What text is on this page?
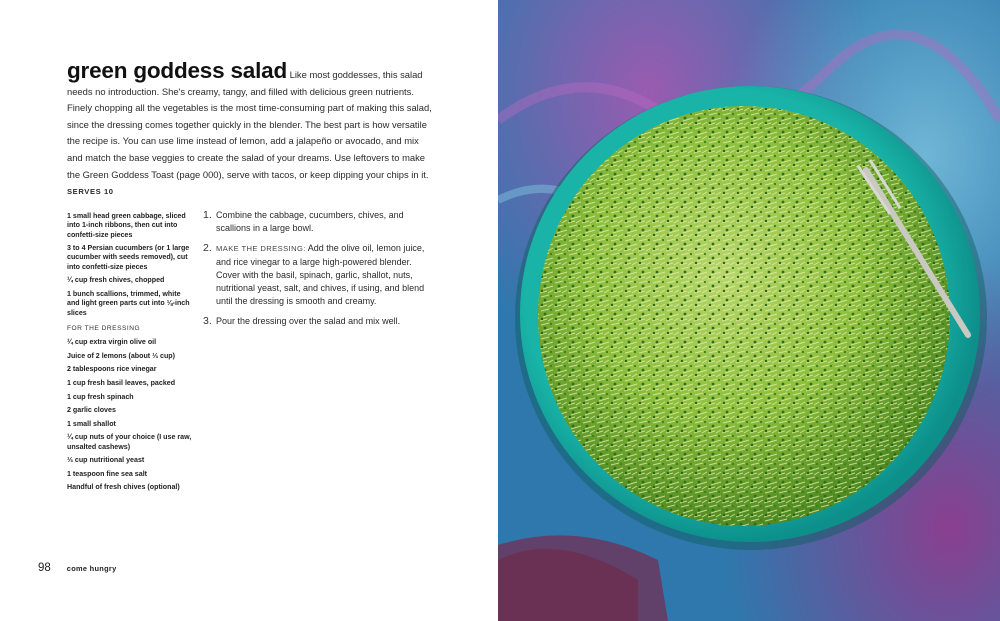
green goddess salad Like most goddesses, this salad needs no introduction. She's creamy, tangy, and filled with delicious green nutrients. Finely chopping all the vegetables is the most time-consuming part of making this salad, since the dressing comes together quickly in the blender. The best part is how versatile the recipe is. You can use lime instead of lemon, add a jalapeño or avocado, and mix and match the base veggies to create the salad of your dreams. Use leftovers to make the Green Goddess Toast (page 000), serve with tacos, or keep dipping your chips in it. SERVES 10
1 small head green cabbage, sliced into 1-inch ribbons, then cut into confetti-size pieces
3 to 4 Persian cucumbers (or 1 large cucumber with seeds removed), cut into confetti-size pieces
¼ cup fresh chives, chopped
1 bunch scallions, trimmed, white and light green parts cut into ⅛-inch slices
FOR THE DRESSING
¼ cup extra virgin olive oil
Juice of 2 lemons (about ⅓ cup)
2 tablespoons rice vinegar
1 cup fresh basil leaves, packed
1 cup fresh spinach
2 garlic cloves
1 small shallot
¼ cup nuts of your choice (I use raw, unsalted cashews)
⅓ cup nutritional yeast
1 teaspoon fine sea salt
Handful of fresh chives (optional)
1. Combine the cabbage, cucumbers, chives, and scallions in a large bowl.
2. MAKE THE DRESSING: Add the olive oil, lemon juice, and rice vinegar to a large high-powered blender. Cover with the basil, spinach, garlic, shallot, nuts, nutritional yeast, salt, and chives, if using, and blend until the dressing is smooth and creamy.
3. Pour the dressing over the salad and mix well.
98 come hungry
